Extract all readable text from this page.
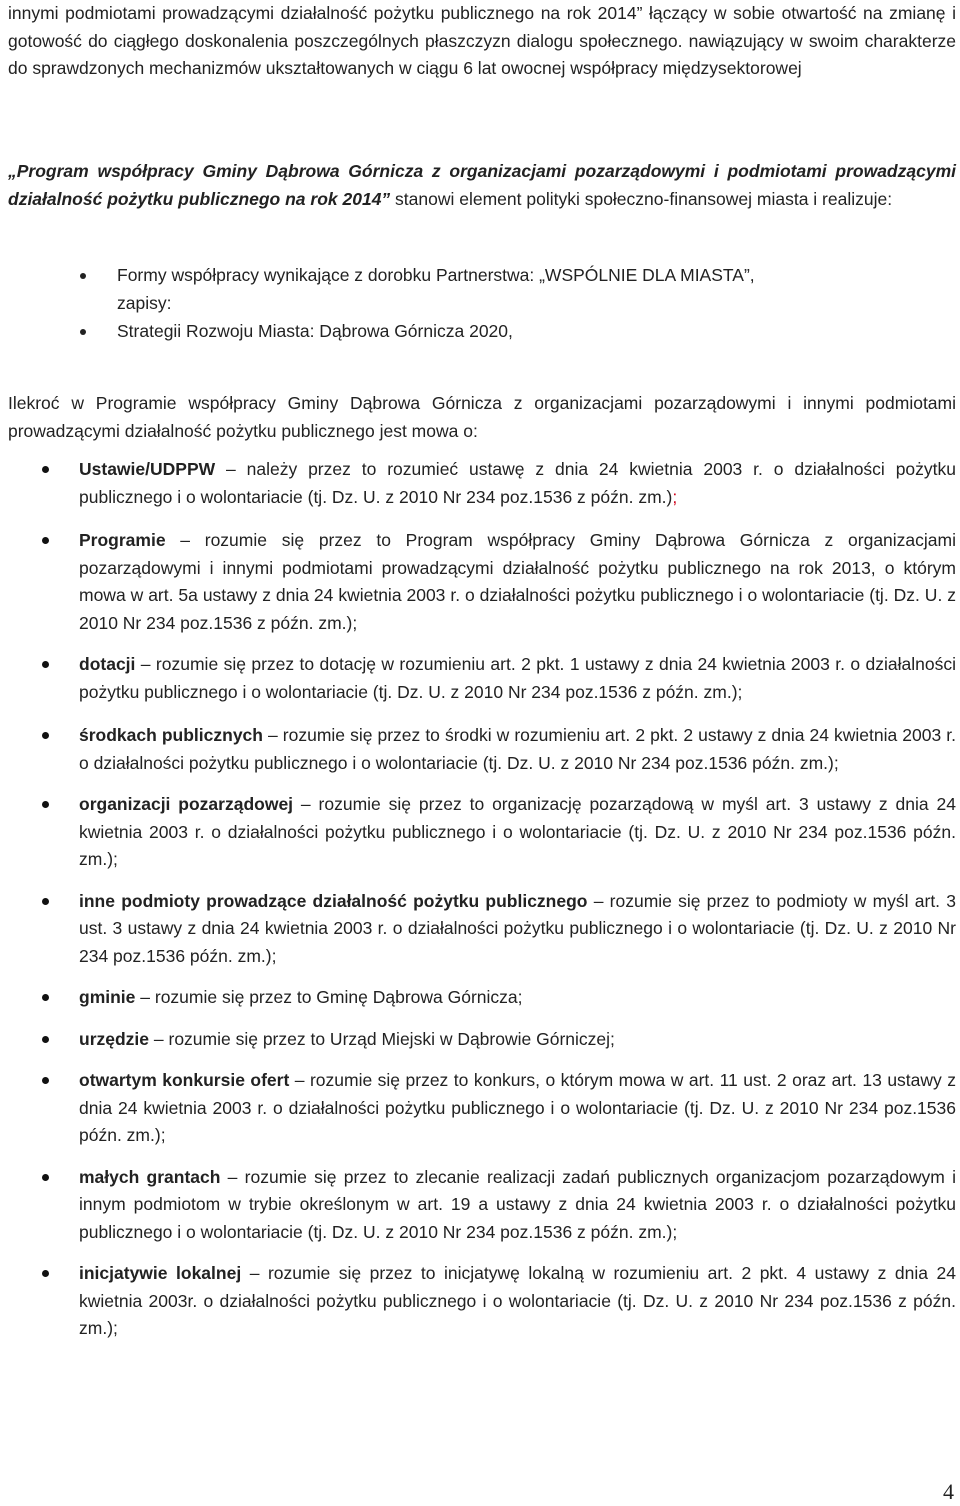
innymi podmiotami prowadzącymi działalność pożytku publicznego na rok 2014” łączący w sobie otwartość na zmianę i gotowość do ciągłego doskonalenia poszczególnych płaszczyzn dialogu społecznego. nawiązujący w swoim charakterze do sprawdzonych mechanizmów ukształtowanych w ciągu 6 lat owocnej współpracy międzysektorowej

„Program współpracy Gminy Dąbrowa Górnicza z organizacjami pozarządowymi i podmiotami prowadzącymi działalność pożytku publicznego na rok 2014” stanowi element polityki społeczno-finansowej miasta i realizuje:

Formy współpracy wynikające z dorobku Partnerstwa: „WSPÓLNIE DLA MIASTA”, zapisy:
Strategii Rozwoju Miasta: Dąbrowa Górnicza 2020,

Ilekroć w Programie współpracy Gminy Dąbrowa Górnicza z organizacjami pozarządowymi i innymi podmiotami prowadzącymi działalność pożytku publicznego jest mowa o:

Ustawie/UDPPW – należy przez to rozumieć ustawę z dnia 24 kwietnia 2003 r. o działalności pożytku publicznego i o wolontariacie (tj. Dz. U. z 2010 Nr 234 poz.1536 z późn. zm.);
Programie – rozumie się przez to Program współpracy Gminy Dąbrowa Górnicza z organizacjami pozarządowymi i innymi podmiotami prowadzącymi działalność pożytku publicznego na rok 2013, o którym mowa w art. 5a ustawy z dnia 24 kwietnia 2003 r. o działalności pożytku publicznego i o wolontariacie (tj. Dz. U. z 2010 Nr 234 poz.1536 z późn. zm.);
dotacji – rozumie się przez to dotację w rozumieniu art. 2 pkt. 1 ustawy z dnia 24 kwietnia 2003 r. o działalności pożytku publicznego i o wolontariacie (tj. Dz. U. z 2010 Nr 234 poz.1536 z późn. zm.);
środkach publicznych – rozumie się przez to środki w rozumieniu art. 2 pkt. 2 ustawy z dnia 24 kwietnia 2003 r. o działalności pożytku publicznego i o wolontariacie (tj. Dz. U. z 2010 Nr 234 poz.1536 późn. zm.);
organizacji pozarządowej – rozumie się przez to organizację pozarządową w myśl art. 3 ustawy z dnia 24 kwietnia 2003 r. o działalności pożytku publicznego i o wolontariacie (tj. Dz. U. z 2010 Nr 234 poz.1536 późn. zm.);
inne podmioty prowadzące działalność pożytku publicznego – rozumie się przez to podmioty w myśl art. 3 ust. 3 ustawy z dnia 24 kwietnia 2003 r. o działalności pożytku publicznego i o wolontariacie (tj. Dz. U. z 2010 Nr 234 poz.1536 późn. zm.);
gminie – rozumie się przez to Gminę Dąbrowa Górnicza;
urzędzie – rozumie się przez to Urząd Miejski w Dąbrowie Górniczej;
otwartym konkursie ofert – rozumie się przez to konkurs, o którym mowa w art. 11 ust. 2 oraz art. 13 ustawy z dnia 24 kwietnia 2003 r. o działalności pożytku publicznego i o wolontariacie (tj. Dz. U. z 2010 Nr 234 poz.1536 późn. zm.);
małych grantach – rozumie się przez to zlecanie realizacji zadań publicznych organizacjom pozarządowym i innym podmiotom w trybie określonym w art. 19 a ustawy z dnia 24 kwietnia 2003 r. o działalności pożytku publicznego i o wolontariacie (tj. Dz. U. z 2010 Nr 234 poz.1536 z późn. zm.);
inicjatywie lokalnej – rozumie się przez to inicjatywę lokalną w rozumieniu art. 2 pkt. 4 ustawy z dnia 24 kwietnia 2003r. o działalności pożytku publicznego i o wolontariacie (tj. Dz. U. z 2010 Nr 234 poz.1536 z późn. zm.);
4
